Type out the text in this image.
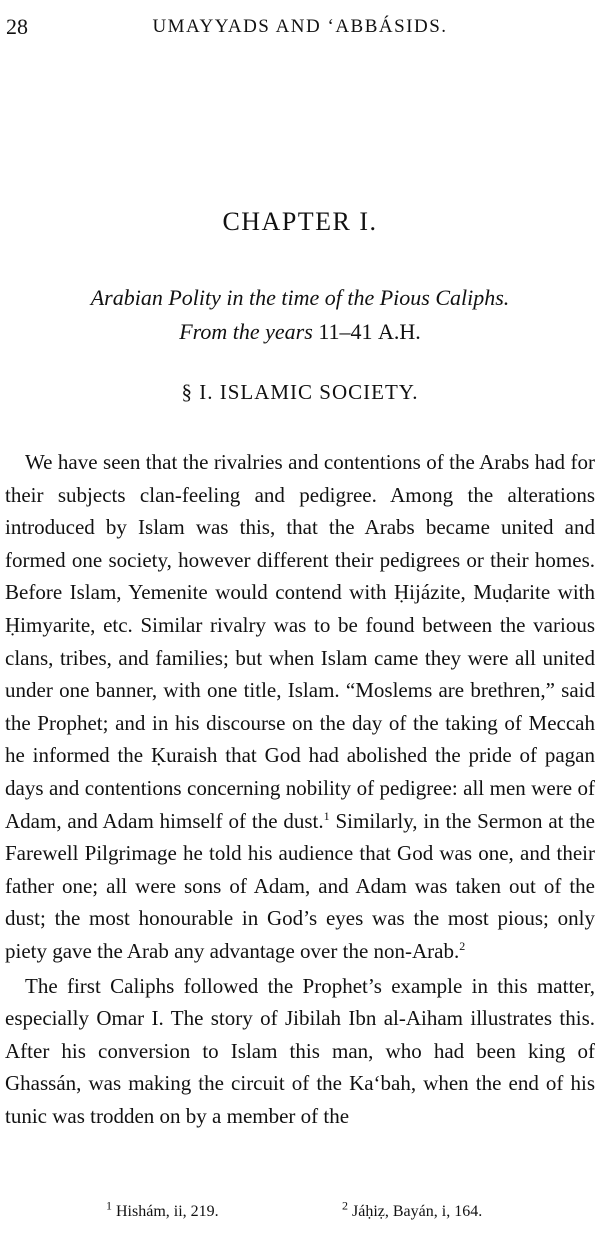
28	UMAYYADS AND ‘ABBÁSIDS.
CHAPTER I.
Arabian Polity in the time of the Pious Caliphs.
From the years 11–41 A.H.
§ I. ISLAMIC SOCIETY.

We have seen that the rivalries and contentions of the Arabs had for their subjects clan-feeling and pedigree. Among the alterations introduced by Islam was this, that the Arabs became united and formed one society, however different their pedigrees or their homes. Before Islam, Yemenite would contend with Ḥijázite, Muḍarite with Ḥimyarite, etc. Similar rivalry was to be found between the various clans, tribes, and families; but when Islam came they were all united under one banner, with one title, Islam. “Moslems are brethren,” said the Prophet; and in his discourse on the day of the taking of Meccah he informed the Ḳuraish that God had abolished the pride of pagan days and contentions concerning nobility of pedigree: all men were of Adam, and Adam himself of the dust.$^1$ Similarly, in the Sermon at the Farewell Pilgrimage he told his audience that God was one, and their father one; all were sons of Adam, and Adam was taken out of the dust; the most honourable in God’s eyes was the most pious; only piety gave the Arab any advantage over the non-Arab.$^2$

The first Caliphs followed the Prophet’s example in this matter, especially Omar I. The story of Jibilah Ibn al-Aiham illustrates this. After his conversion to Islam this man, who had been king of Ghassán, was making the circuit of the Ka‘bah, when the end of his tunic was trodden on by a member of the

$^1$ Hishám, ii, 219.	$^2$ Jáḥiẓ, Bayán, i, 164.
